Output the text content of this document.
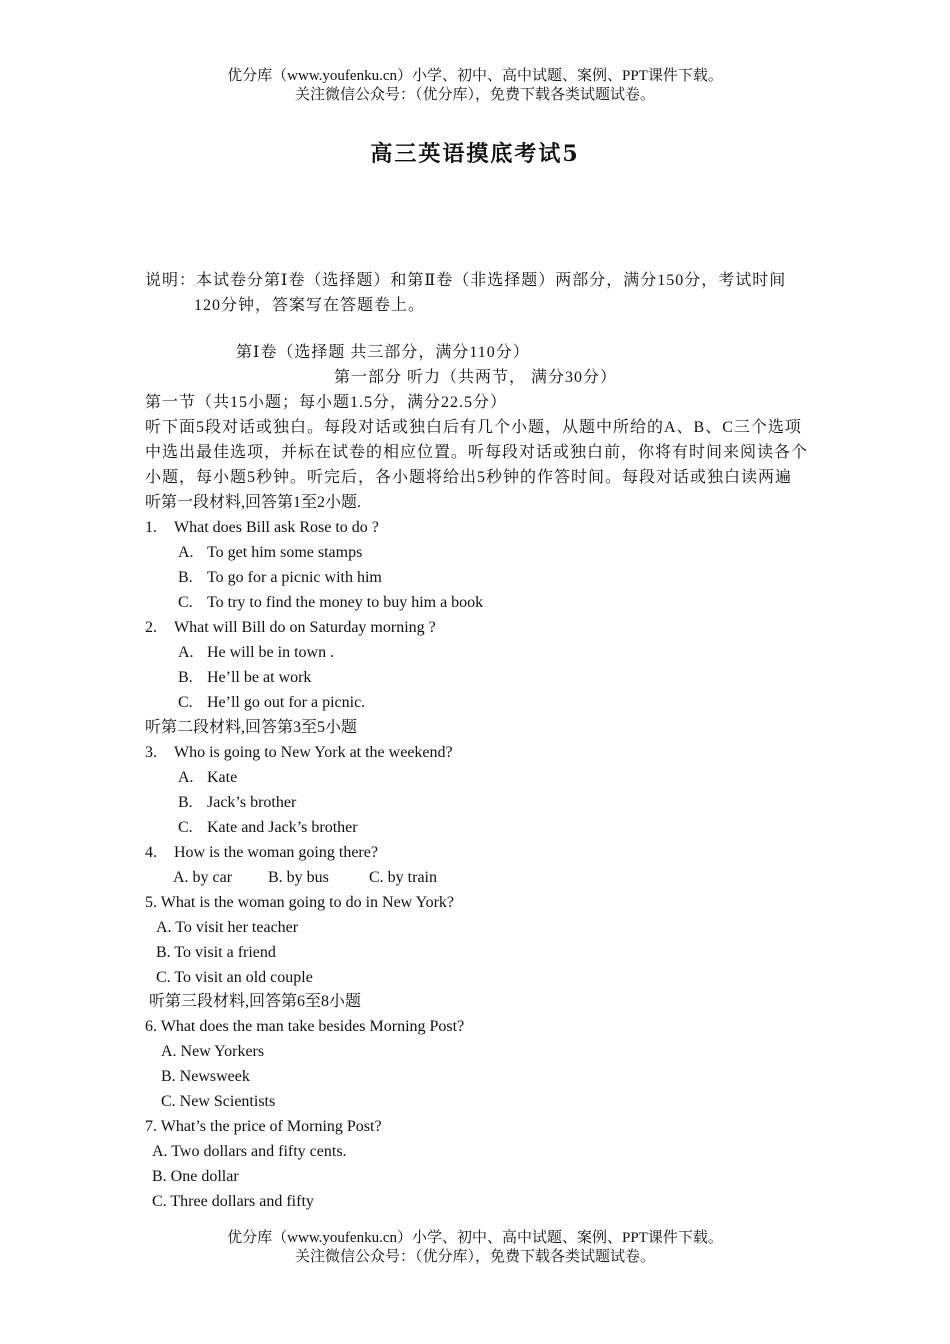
优分库（www.youfenku.cn）小学、初中、高中试题、案例、PPT课件下载。
关注微信公众号：（优分库），免费下载各类试题试卷。
高三英语摸底考试5
说明：本试卷分第Ⅰ卷（选择题）和第Ⅱ卷（非选择题）两部分，满分150分，考试时间
120分钟，答案写在答题卷上。
第Ⅰ卷（选择题 共三部分，满分110分）
第一部分 听力（共两节， 满分30分）
第一节（共15小题；每小题1.5分，满分22.5分）
听下面5段对话或独白。每段对话或独白后有几个小题，从题中所给的A、B、C三个选项
中选出最佳选项，并标在试卷的相应位置。听每段对话或独白前，你将有时间来阅读各个
小题，每小题5秒钟。听完后，各小题将给出5秒钟的作答时间。每段对话或独白读两遍
听第一段材料,回答第1至2小题.
1. What does Bill ask Rose to do ?
A. To get him some stamps
B. To go for a picnic with him
C. To try to find the money to buy him a book
2. What will Bill do on Saturday morning ?
A. He will be in town .
B. He’ll be at work
C. He’ll go out for a picnic.
听第二段材料,回答第3至5小题
3. Who is going to New York at the weekend?
A. Kate
B. Jack’s brother
C. Kate and Jack’s brother
4. How is the woman going there?
A. by car B. by bus	C. by train
5. What is the woman going to do in New York?
A. To visit her teacher
B. To visit a friend
C. To visit an old couple
听第三段材料,回答第6至8小题
6. What does the man take besides Morning Post?
A. New Yorkers
B. Newsweek
C. New Scientists
7. What’s the price of Morning Post?
A. Two dollars and fifty cents.
B. One dollar
C. Three dollars and fifty
优分库（www.youfenku.cn）小学、初中、高中试题、案例、PPT课件下载。
关注微信公众号：（优分库），免费下载各类试题试卷。
